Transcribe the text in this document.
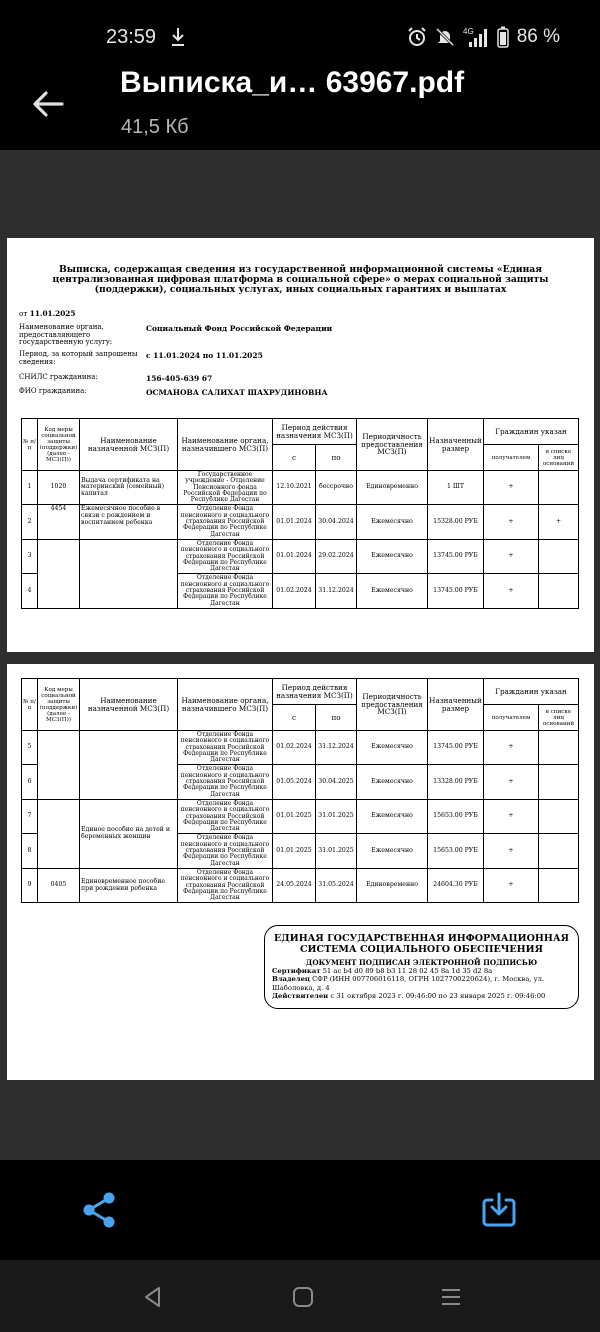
23:59	4G 86 %
Выписка_и… 63967.pdf
41,5 Кб
Выписка, содержащая сведения из государственной информационной системы «Единая централизованная цифровая платформа в социальной сфере» о мерах социальной защиты (поддержки), социальных услугах, иных социальных гарантиях и выплатах
от 11.01.2025
Наименование органа, предоставляющего государственную услугу:
Социальный Фонд Российской Федерации
Период, за который запрошены сведения:
с 11.01.2024 по 11.01.2025
СНИЛС гражданина:	156-405-639 67
ФИО гражданина:	ОСМАНОВА САЛИХАТ ШАХРУДИНОВНА
№ п/п	Код меры социальной защиты (поддержки) (далее - МСЗ(П))	Наименование назначенной МСЗ(П)	Наименование органа, назначившего МСЗ(П)	Период действия назначения МСЗ(П)		Периодичность предоставления МСЗ(П)	Назначенный размер	Гражданин указан	
				с	по			получателем	в списке лиц оснований
1	1020	Выдача сертификата на материнский (семейный) капитал	Государственное учреждение - Отделение Пенсионного фонда Российской Федерации по Республике Дагестан	12.10.2021	бессрочно	Единовременно	1 ШТ	+	
2	4454	Ежемесячное пособие в связи с рождением и воспитанием ребенка	Отделение Фонда пенсионного и социального страхования Российской Федерации по Республике Дагестан	01.01.2024	30.04.2024	Ежемесячно	15328.00 РУБ	+	+
3			Отделение Фонда пенсионного и социального страхования Российской Федерации по Республике Дагестан	01.01.2024	29.02.2024	Ежемесячно	13745.00 РУБ	+	
4			Отделение Фонда пенсионного и социального страхования Российской Федерации по Республике Дагестан	01.02.2024	31.12.2024	Ежемесячно	13745.00 РУБ	+	
№ п/п	Код меры социальной защиты (поддержки) (далее - МСЗ(П))	Наименование назначенной МСЗ(П)	Наименование органа, назначившего МСЗ(П)	Период действия назначения МСЗ(П)		Периодичность предоставления МСЗ(П)	Назначенный размер	Гражданин указан	
				с	по			получателем	в списке лиц оснований
5			Отделение Фонда пенсионного и социального страхования Российской Федерации по Республике Дагестан	01.02.2024	31.12.2024	Ежемесячно	13745.00 РУБ	+	
6			Отделение Фонда пенсионного и социального страхования Российской Федерации по Республике Дагестан	01.05.2024	30.04.2025	Ежемесячно	13328.00 РУБ	+	
7		Единое пособие на детей и беременных женщин	Отделение Фонда пенсионного и социального страхования Российской Федерации по Республике Дагестан	01.01.2025	31.01.2025	Ежемесячно	15653.00 РУБ	+	
8			Отделение Фонда пенсионного и социального страхования Российской Федерации по Республике Дагестан	01.01.2025	31.01.2025	Ежемесячно	15653.00 РУБ	+	
9	0405	Единовременное пособие при рождении ребенка	Отделение Фонда пенсионного и социального страхования Российской Федерации по Республике Дагестан	24.05.2024	31.05.2024	Единовременно	24604.30 РУБ	+	
ЕДИНАЯ ГОСУДАРСТВЕННАЯ ИНФОРМАЦИОННАЯ СИСТЕМА СОЦИАЛЬНОГО ОБЕСПЕЧЕНИЯ
ДОКУМЕНТ ПОДПИСАН ЭЛЕКТРОННОЙ ПОДПИСЬЮ
Сертификат 51 ac b4 d0 89 b8 b3 11 28 02 45 8a 1d 35 d2 8a
Владелец СФР (ИНН 007706016118, ОГРН 1027700220624), г. Москва, ул. Шаболовка, д. 4
Действителен с 31 октября 2023 г. 09:46:00 по 23 января 2025 г. 09:46:00
